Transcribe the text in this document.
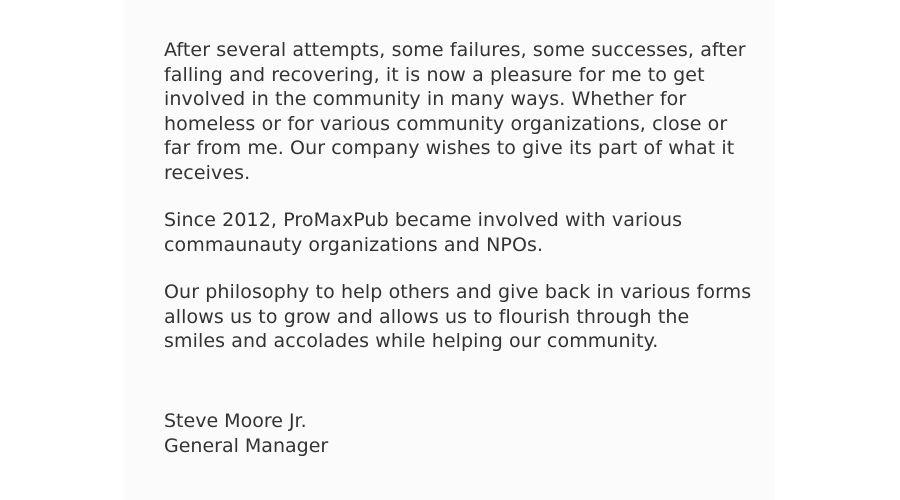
After several attempts, some failures, some successes, after falling and recovering, it is now a pleasure for me to get involved in the community in many ways. Whether for homeless or for various community organizations, close or far from me. Our company wishes to give its part of what it receives.

Since 2012, ProMaxPub became involved with various commaunauty organizations and NPOs.

Our philosophy to help others and give back in various forms allows us to grow and allows us to flourish through the smiles and accolades while helping our community.

Steve Moore Jr.
General Manager
